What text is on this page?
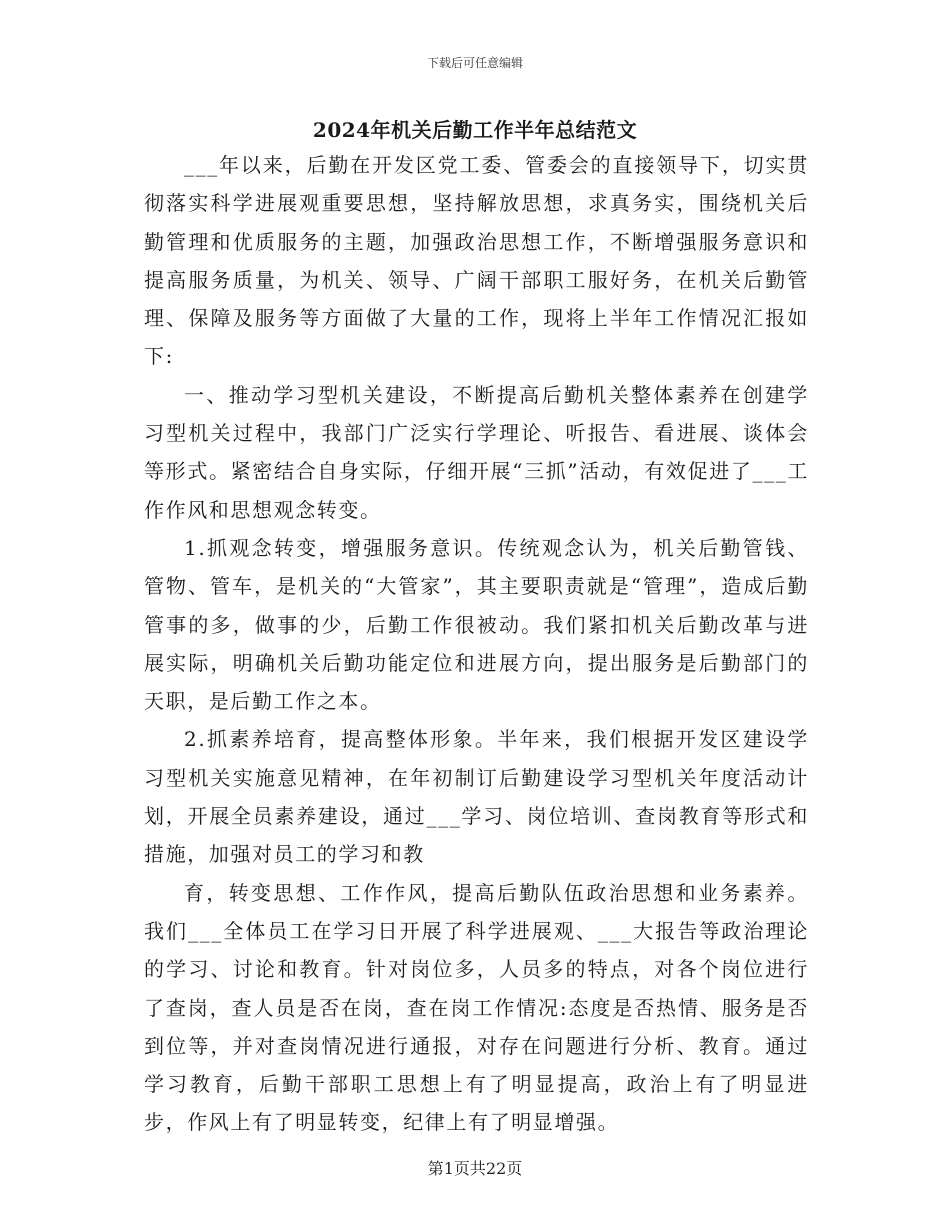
下载后可任意编辑
2024年机关后勤工作半年总结范文

___年以来，后勤在开发区党工委、管委会的直接领导下，切实贯彻落实科学进展观重要思想，坚持解放思想，求真务实，围绕机关后勤管理和优质服务的主题，加强政治思想工作，不断增强服务意识和提高服务质量，为机关、领导、广阔干部职工服好务，在机关后勤管理、保障及服务等方面做了大量的工作，现将上半年工作情况汇报如下:

一、推动学习型机关建设，不断提高后勤机关整体素养在创建学习型机关过程中，我部门广泛实行学理论、听报告、看进展、谈体会等形式。紧密结合自身实际，仔细开展“三抓”活动，有效促进了___工作作风和思想观念转变。

1.抓观念转变，增强服务意识。传统观念认为，机关后勤管钱、管物、管车，是机关的“大管家”，其主要职责就是“管理”，造成后勤管事的多，做事的少，后勤工作很被动。我们紧扣机关后勤改革与进展实际，明确机关后勤功能定位和进展方向，提出服务是后勤部门的天职，是后勤工作之本。

2.抓素养培育，提高整体形象。半年来，我们根据开发区建设学习型机关实施意见精神，在年初制订后勤建设学习型机关年度活动计划，开展全员素养建设，通过___学习、岗位培训、查岗教育等形式和措施，加强对员工的学习和教

育，转变思想、工作作风，提高后勤队伍政治思想和业务素养。我们___全体员工在学习日开展了科学进展观、___大报告等政治理论的学习、讨论和教育。针对岗位多，人员多的特点，对各个岗位进行了查岗，查人员是否在岗，查在岗工作情况:态度是否热情、服务是否到位等，并对查岗情况进行通报，对存在问题进行分析、教育。通过学习教育，后勤干部职工思想上有了明显提高，政治上有了明显进步，作风上有了明显转变，纪律上有了明显增强。

第1页共22页
